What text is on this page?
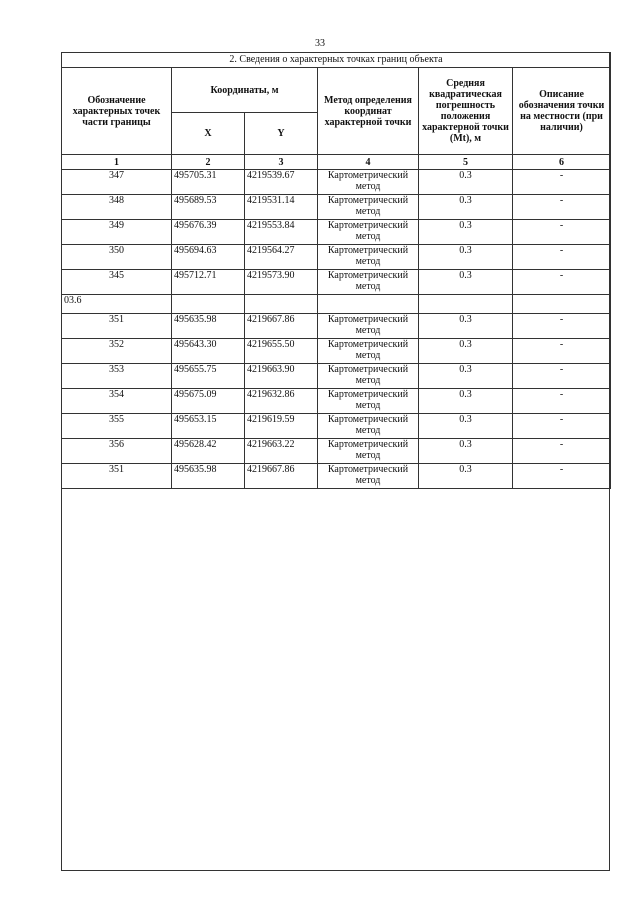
33
2. Сведения о характерных точках границ объекта					
Обозначение характерных точек части границы	Координаты, м		Метод определения координат характерной точки	Средняя квадратическая погрешность положения характерной точки (Mt), м	Описание обозначения точки на местности (при наличии)
	X	Y			
1	2	3	4	5	6
347	495705.31	4219539.67	Картометрический метод	0.3	-
348	495689.53	4219531.14	Картометрический метод	0.3	-
349	495676.39	4219553.84	Картометрический метод	0.3	-
350	495694.63	4219564.27	Картометрический метод	0.3	-
345	495712.71	4219573.90	Картометрический метод	0.3	-
03.6					
351	495635.98	4219667.86	Картометрический метод	0.3	-
352	495643.30	4219655.50	Картометрический метод	0.3	-
353	495655.75	4219663.90	Картометрический метод	0.3	-
354	495675.09	4219632.86	Картометрический метод	0.3	-
355	495653.15	4219619.59	Картометрический метод	0.3	-
356	495628.42	4219663.22	Картометрический метод	0.3	-
351	495635.98	4219667.86	Картометрический метод	0.3	-
